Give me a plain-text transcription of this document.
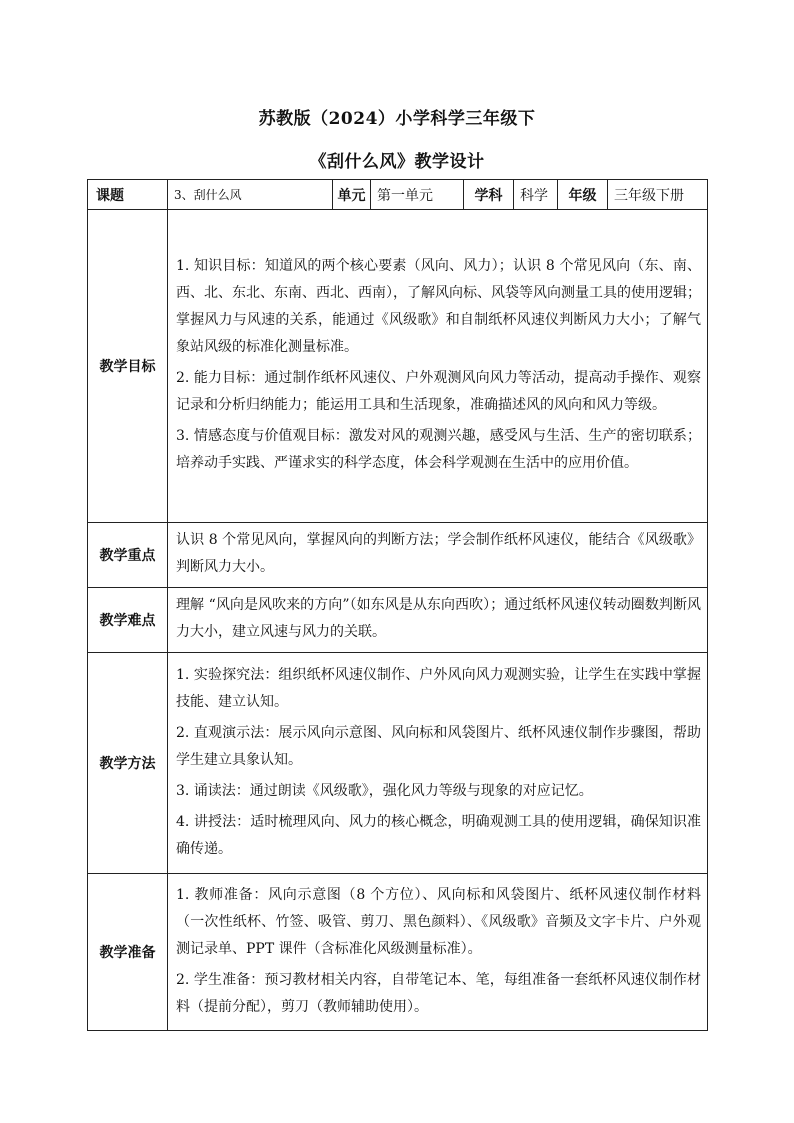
苏教版（2024）小学科学三年级下
《刮什么风》教学设计
课题	3、刮什么风	单元	第一单元	学科	科学	年级	三年级下册
教学目标	1. 知识目标：知道风的两个核心要素（风向、风力）；认识 8 个常见风向（东、南、西、北、东北、东南、西北、西南），了解风向标、风袋等风向测量工具的使用逻辑；掌握风力与风速的关系，能通过《风级歌》和自制纸杯风速仪判断风力大小；了解气象站风级的标准化测量标准。

2. 能力目标：通过制作纸杯风速仪、户外观测风向风力等活动，提高动手操作、观察记录和分析归纳能力；能运用工具和生活现象，准确描述风的风向和风力等级。

3. 情感态度与价值观目标：激发对风的观测兴趣，感受风与生活、生产的密切联系；培养动手实践、严谨求实的科学态度，体会科学观测在生活中的应用价值。						

教学重点	认识 8 个常见风向，掌握风向的判断方法；学会制作纸杯风速仪，能结合《风级歌》判断风力大小。						

教学难点	理解 “风向是风吹来的方向”（如东风是从东向西吹）；通过纸杯风速仪转动圈数判断风力大小，建立风速与风力的关联。						

教学方法	1. 实验探究法：组织纸杯风速仪制作、户外风向风力观测实验，让学生在实践中掌握技能、建立认知。

2. 直观演示法：展示风向示意图、风向标和风袋图片、纸杯风速仪制作步骤图，帮助学生建立具象认知。

3. 诵读法：通过朗读《风级歌》，强化风力等级与现象的对应记忆。

4. 讲授法：适时梳理风向、风力的核心概念，明确观测工具的使用逻辑，确保知识准确传递。						

教学准备	1. 教师准备：风向示意图（8 个方位）、风向标和风袋图片、纸杯风速仪制作材料（一次性纸杯、竹签、吸管、剪刀、黑色颜料）、《风级歌》音频及文字卡片、户外观测记录单、PPT 课件（含标准化风级测量标准）。

2. 学生准备：预习教材相关内容，自带笔记本、笔，每组准备一套纸杯风速仪制作材料（提前分配），剪刀（教师辅助使用）。						
